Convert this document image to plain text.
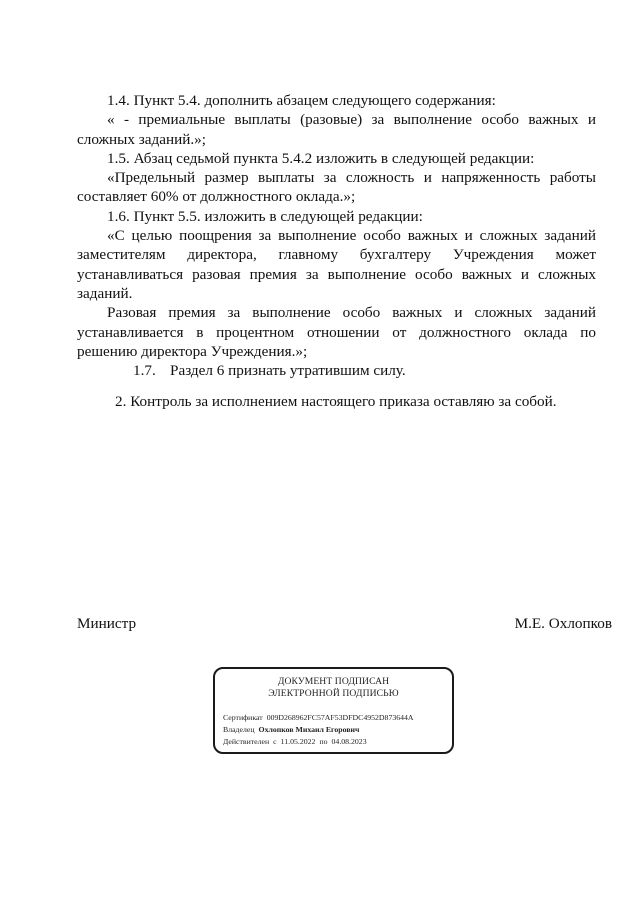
1.4. Пункт 5.4. дополнить абзацем следующего содержания:

« - премиальные выплаты (разовые) за выполнение особо важных и сложных заданий.»;

1.5. Абзац седьмой пункта 5.4.2 изложить в следующей редакции:

«Предельный размер выплаты за сложность и напряженность работы составляет 60% от должностного оклада.»;

1.6. Пункт 5.5. изложить в следующей редакции:

«С целью поощрения за выполнение особо важных и сложных заданий заместителям директора, главному бухгалтеру Учреждения может устанавливаться разовая премия за выполнение особо важных и сложных заданий.

Разовая премия за выполнение особо важных и сложных заданий устанавливается в процентном отношении от должностного оклада по решению директора Учреждения.»;

1.7. Раздел 6 признать утратившим силу.

2. Контроль за исполнением настоящего приказа оставляю за собой.

Министр	М.Е. Охлопков
ДОКУМЕНТ ПОДПИСАН
ЭЛЕКТРОННОЙ ПОДПИСЬЮ
Сертификат 009D268962FC57AF53DFDC4952D873644A
Владелец Охлопков Михаил Егорович
Действителен с 11.05.2022 по 04.08.2023
